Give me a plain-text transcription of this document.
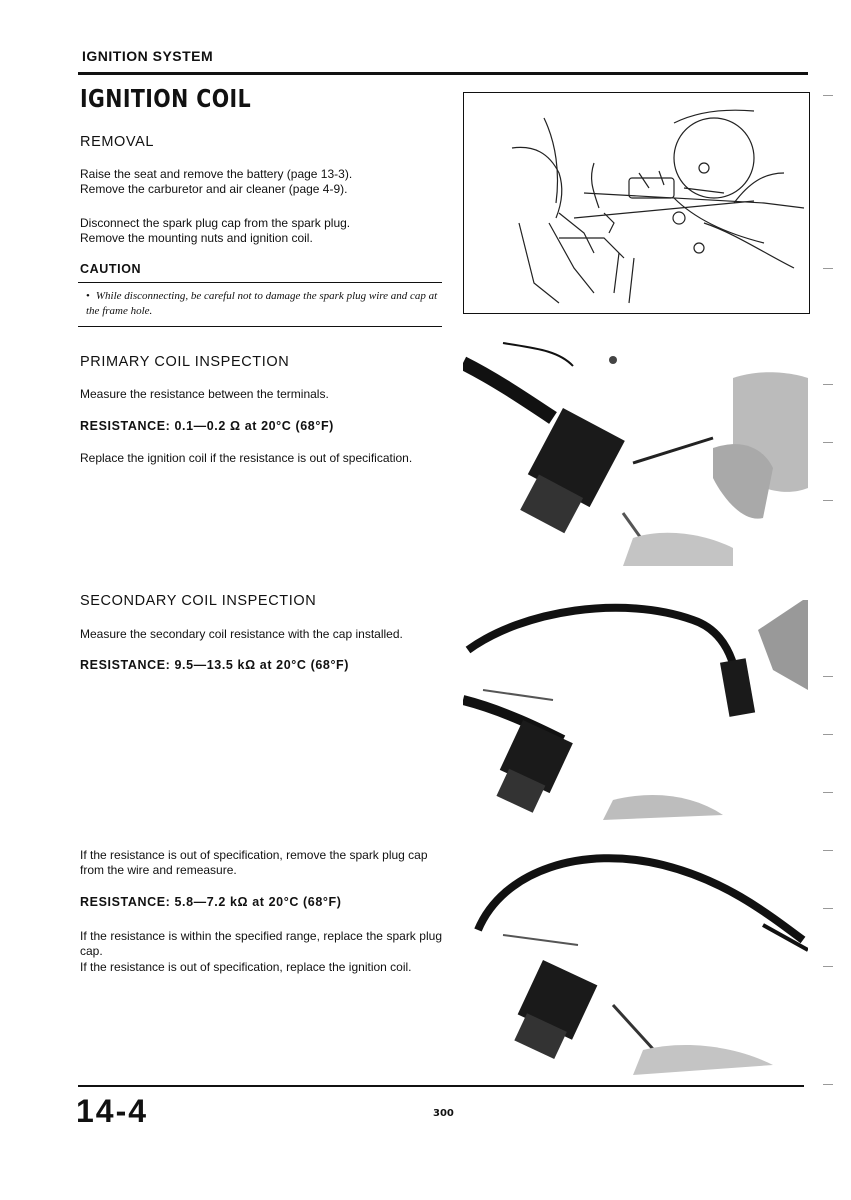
IGNITION SYSTEM
IGNITION COIL
REMOVAL

Raise the seat and remove the battery (page 13-3).

Remove the carburetor and air cleaner (page 4-9).

Disconnect the spark plug cap from the spark plug.

Remove the mounting nuts and ignition coil.

CAUTION
• While disconnecting, be careful not to damage the spark plug wire and cap at the frame hole.
PRIMARY COIL INSPECTION
Measure the resistance between the terminals.
RESISTANCE: 0.1—0.2 Ω at 20°C (68°F)
Replace the ignition coil if the resistance is out of specification.
SECONDARY COIL INSPECTION
Measure the secondary coil resistance with the cap installed.
RESISTANCE: 9.5—13.5 kΩ at 20°C (68°F)
If the resistance is out of specification, remove the spark plug cap from the wire and remeasure.
RESISTANCE: 5.8—7.2 kΩ at 20°C (68°F)
If the resistance is within the specified range, replace the spark plug cap.
If the resistance is out of specification, replace the ignition coil.
14-4	300
